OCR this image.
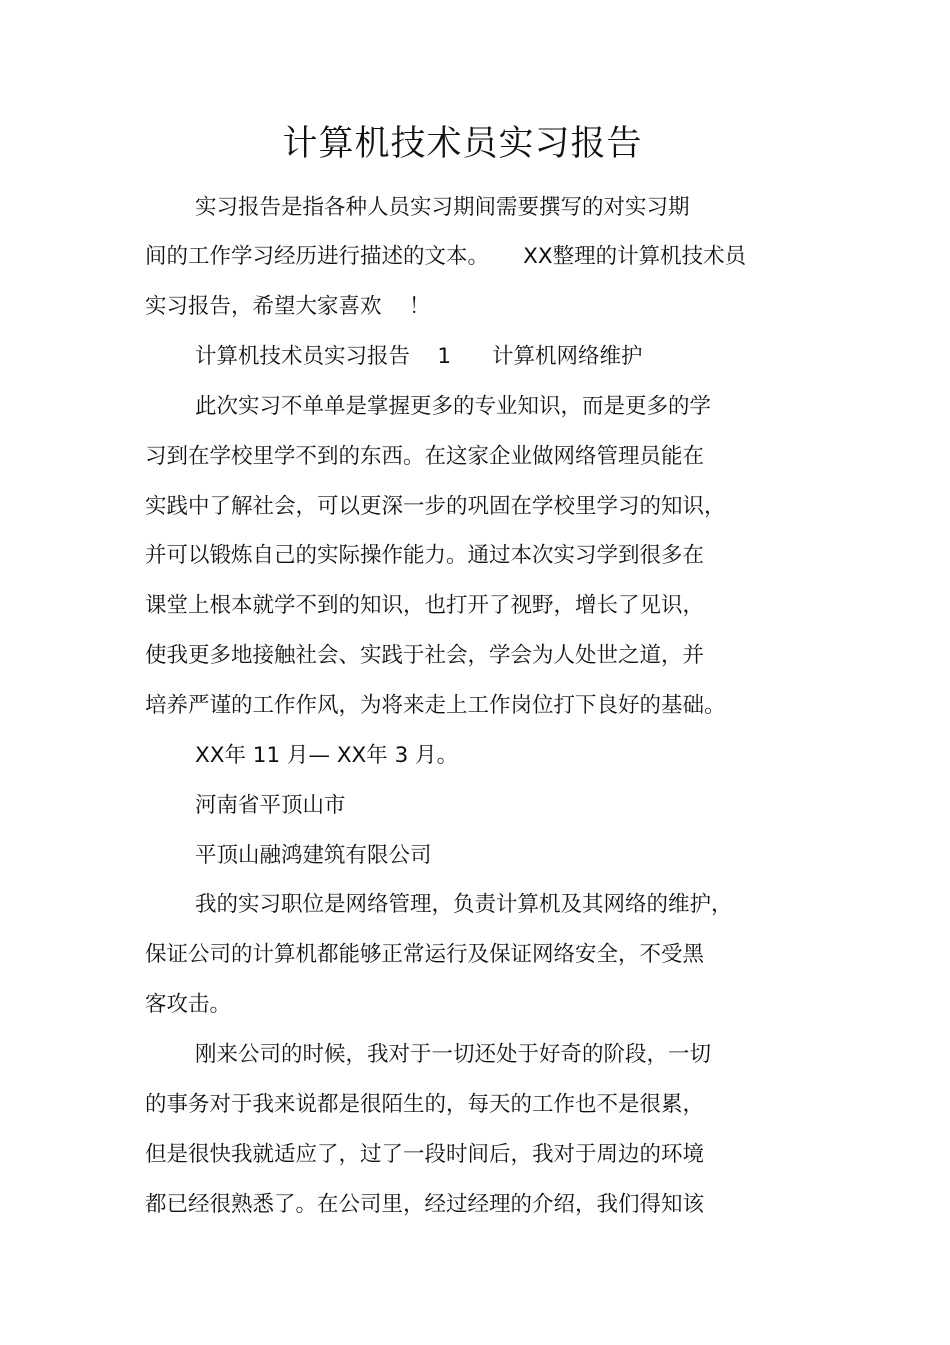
计算机技术员实习报告
实习报告是指各种人员实习期间需要撰写的对实习期
间的工作学习经历进行描述的文本。     XX整理的计算机技术员
实习报告，希望大家喜欢    ！
计算机技术员实习报告    1      计算机网络维护
此次实习不单单是掌握更多的专业知识，而是更多的学
习到在学校里学不到的东西。在这家企业做网络管理员能在
实践中了解社会，可以更深一步的巩固在学校里学习的知识，
并可以锻炼自己的实际操作能力。通过本次实习学到很多在
课堂上根本就学不到的知识，也打开了视野，增长了见识，
使我更多地接触社会、实践于社会，学会为人处世之道，并
培养严谨的工作作风，为将来走上工作岗位打下良好的基础。
XX年 11 月— XX年 3 月。
河南省平顶山市
平顶山融鸿建筑有限公司
我的实习职位是网络管理，负责计算机及其网络的维护，
保证公司的计算机都能够正常运行及保证网络安全，不受黑
客攻击。
刚来公司的时候，我对于一切还处于好奇的阶段，一切
的事务对于我来说都是很陌生的，每天的工作也不是很累，
但是很快我就适应了，过了一段时间后，我对于周边的环境
都已经很熟悉了。在公司里，经过经理的介绍，我们得知该
